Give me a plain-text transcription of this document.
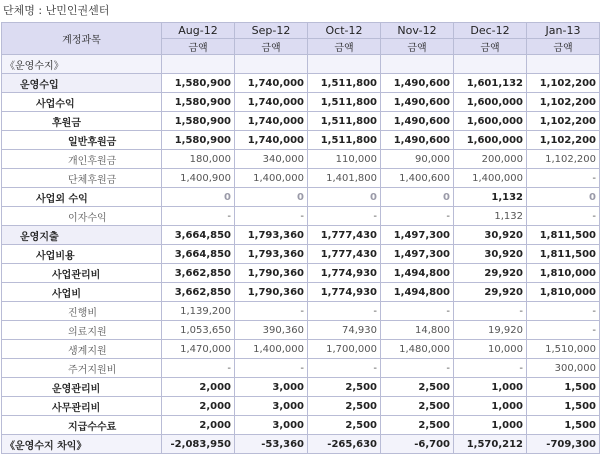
단체명 : 난민인권센터
계정과목	Aug-12	Sep-12	Oct-12	Nov-12	Dec-12	Jan-13
	금액	금액	금액	금액	금액	금액
《운영수지》						
운영수입	1,580,900	1,740,000	1,511,800	1,490,600	1,601,132	1,102,200
사업수익	1,580,900	1,740,000	1,511,800	1,490,600	1,600,000	1,102,200
후원금	1,580,900	1,740,000	1,511,800	1,490,600	1,600,000	1,102,200
일반후원금	1,580,900	1,740,000	1,511,800	1,490,600	1,600,000	1,102,200
개인후원금	180,000	340,000	110,000	90,000	200,000	1,102,200
단체후원금	1,400,900	1,400,000	1,401,800	1,400,600	1,400,000	-
사업외 수익	0	0	0	0	1,132	0
이자수익	-	-	-	-	1,132	-
운영지출	3,664,850	1,793,360	1,777,430	1,497,300	30,920	1,811,500
사업비용	3,664,850	1,793,360	1,777,430	1,497,300	30,920	1,811,500
사업관리비	3,662,850	1,790,360	1,774,930	1,494,800	29,920	1,810,000
사업비	3,662,850	1,790,360	1,774,930	1,494,800	29,920	1,810,000
진행비	1,139,200	-	-	-	-	-
의료지원	1,053,650	390,360	74,930	14,800	19,920	-
생계지원	1,470,000	1,400,000	1,700,000	1,480,000	10,000	1,510,000
주거지원비	-	-	-	-	-	300,000
운영관리비	2,000	3,000	2,500	2,500	1,000	1,500
사무관리비	2,000	3,000	2,500	2,500	1,000	1,500
지급수수료	2,000	3,000	2,500	2,500	1,000	1,500
《운영수지 차익》	-2,083,950	-53,360	-265,630	-6,700	1,570,212	-709,300
